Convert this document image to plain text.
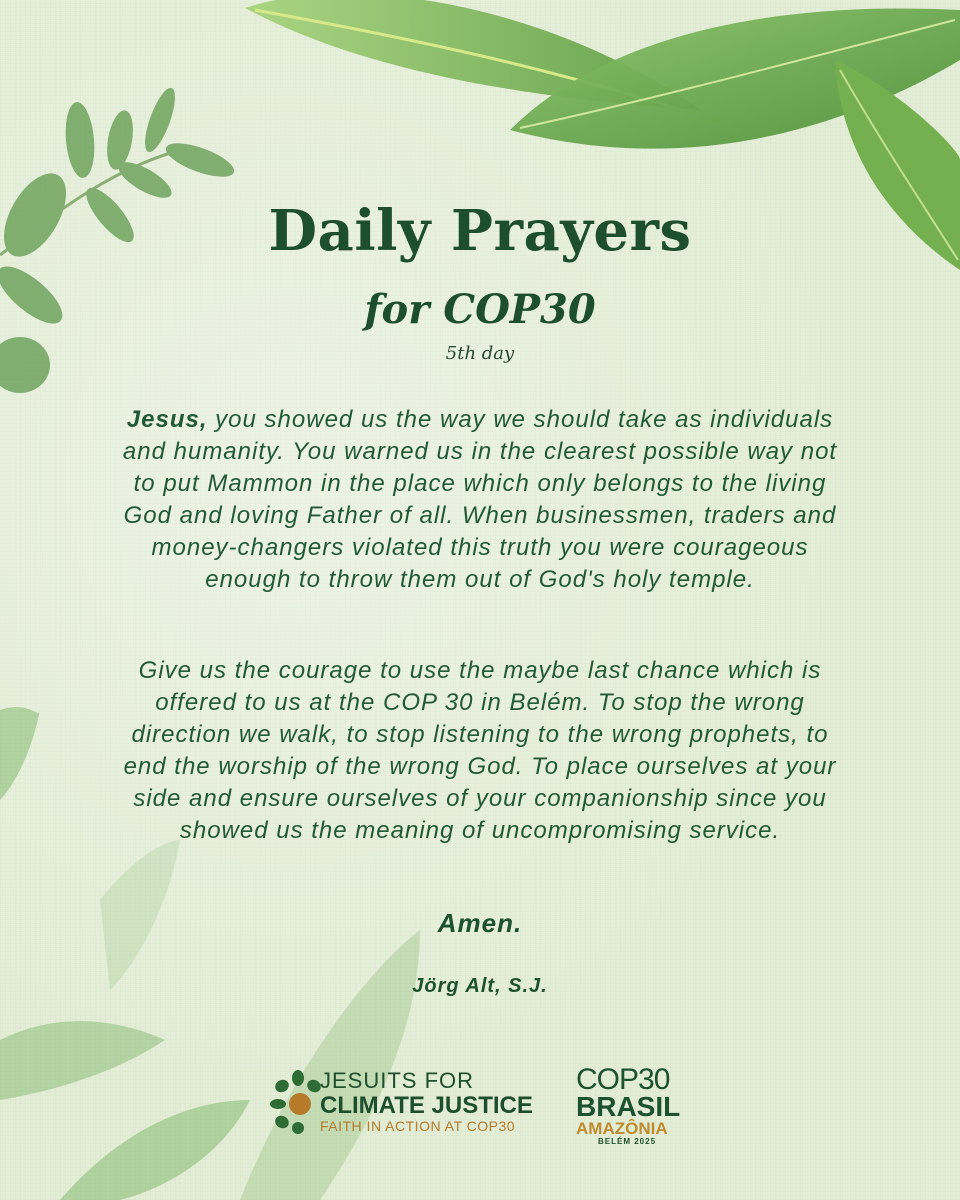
Daily Prayers
for COP30
5th day
Jesus, you showed us the way we should take as individuals and humanity. You warned us in the clearest possible way not to put Mammon in the place which only belongs to the living God and loving Father of all. When businessmen, traders and money-changers violated this truth you were courageous enough to throw them out of God's holy temple.
Give us the courage to use the maybe last chance which is offered to us at the COP 30 in Belém. To stop the wrong direction we walk, to stop listening to the wrong prophets, to end the worship of the wrong God. To place ourselves at your side and ensure ourselves of your companionship since you showed us the meaning of uncompromising service.
Amen.
Jörg Alt, S.J.
JESUITS FOR
CLIMATE JUSTICE
FAITH IN ACTION AT COP30
COP30
BRASIL
AMAZÔNIA
BELÉM 2025
